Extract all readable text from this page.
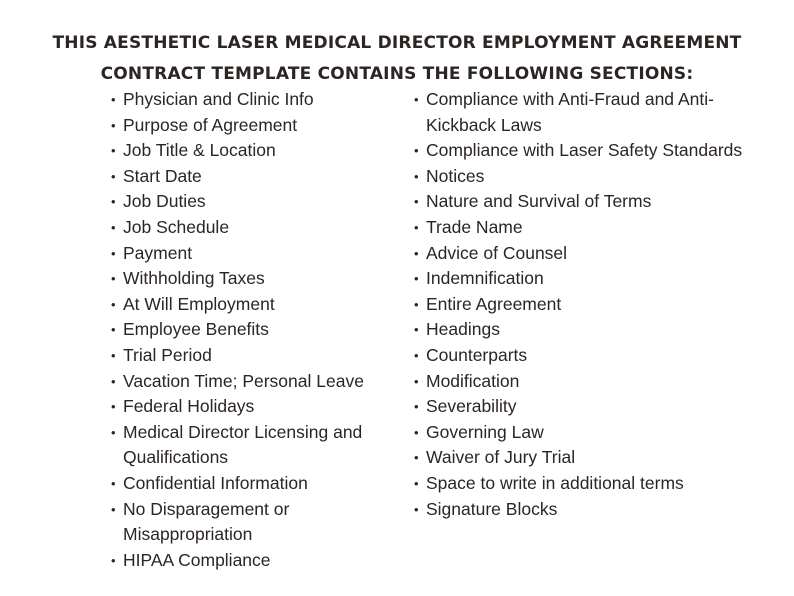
THIS AESTHETIC LASER MEDICAL DIRECTOR EMPLOYMENT AGREEMENT
CONTRACT TEMPLATE CONTAINS THE FOLLOWING SECTIONS:
• Physician and Clinic Info
• Purpose of Agreement
• Job Title & Location
• Start Date
• Job Duties
• Job Schedule
• Payment
• Withholding Taxes
• At Will Employment
• Employee Benefits
• Trial Period
• Vacation Time; Personal Leave
• Federal Holidays
• Medical Director Licensing and Qualifications
• Confidential Information
• No Disparagement or Misappropriation
• HIPAA Compliance
• Compliance with Anti-Fraud and Anti-Kickback Laws
• Compliance with Laser Safety Standards
• Notices
• Nature and Survival of Terms
• Trade Name
• Advice of Counsel
• Indemnification
• Entire Agreement
• Headings
• Counterparts
• Modification
• Severability
• Governing Law
• Waiver of Jury Trial
• Space to write in additional terms
• Signature Blocks
